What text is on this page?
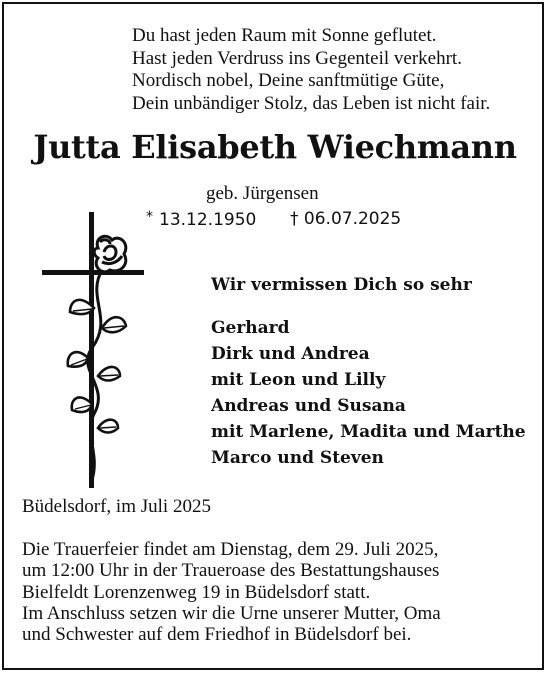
Du hast jeden Raum mit Sonne geflutet.
Hast jeden Verdruss ins Gegenteil verkehrt.
Nordisch nobel, Deine sanftmütige Güte,
Dein unbändiger Stolz, das Leben ist nicht fair.
Jutta Elisabeth Wiechmann
geb. Jürgensen
* 13.12.1950 † 06.07.2025
Wir vermissen Dich so sehr
Gerhard
Dirk und Andrea
mit Leon und Lilly
Andreas und Susana
mit Marlene, Madita und Marthe
Marco und Steven
Büdelsdorf, im Juli 2025
Die Trauerfeier findet am Dienstag, dem 29. Juli 2025,
um 12:00 Uhr in der Traueroase des Bestattungshauses
Bielfeldt Lorenzenweg 19 in Büdelsdorf statt.
Im Anschluss setzen wir die Urne unserer Mutter, Oma
und Schwester auf dem Friedhof in Büdelsdorf bei.
